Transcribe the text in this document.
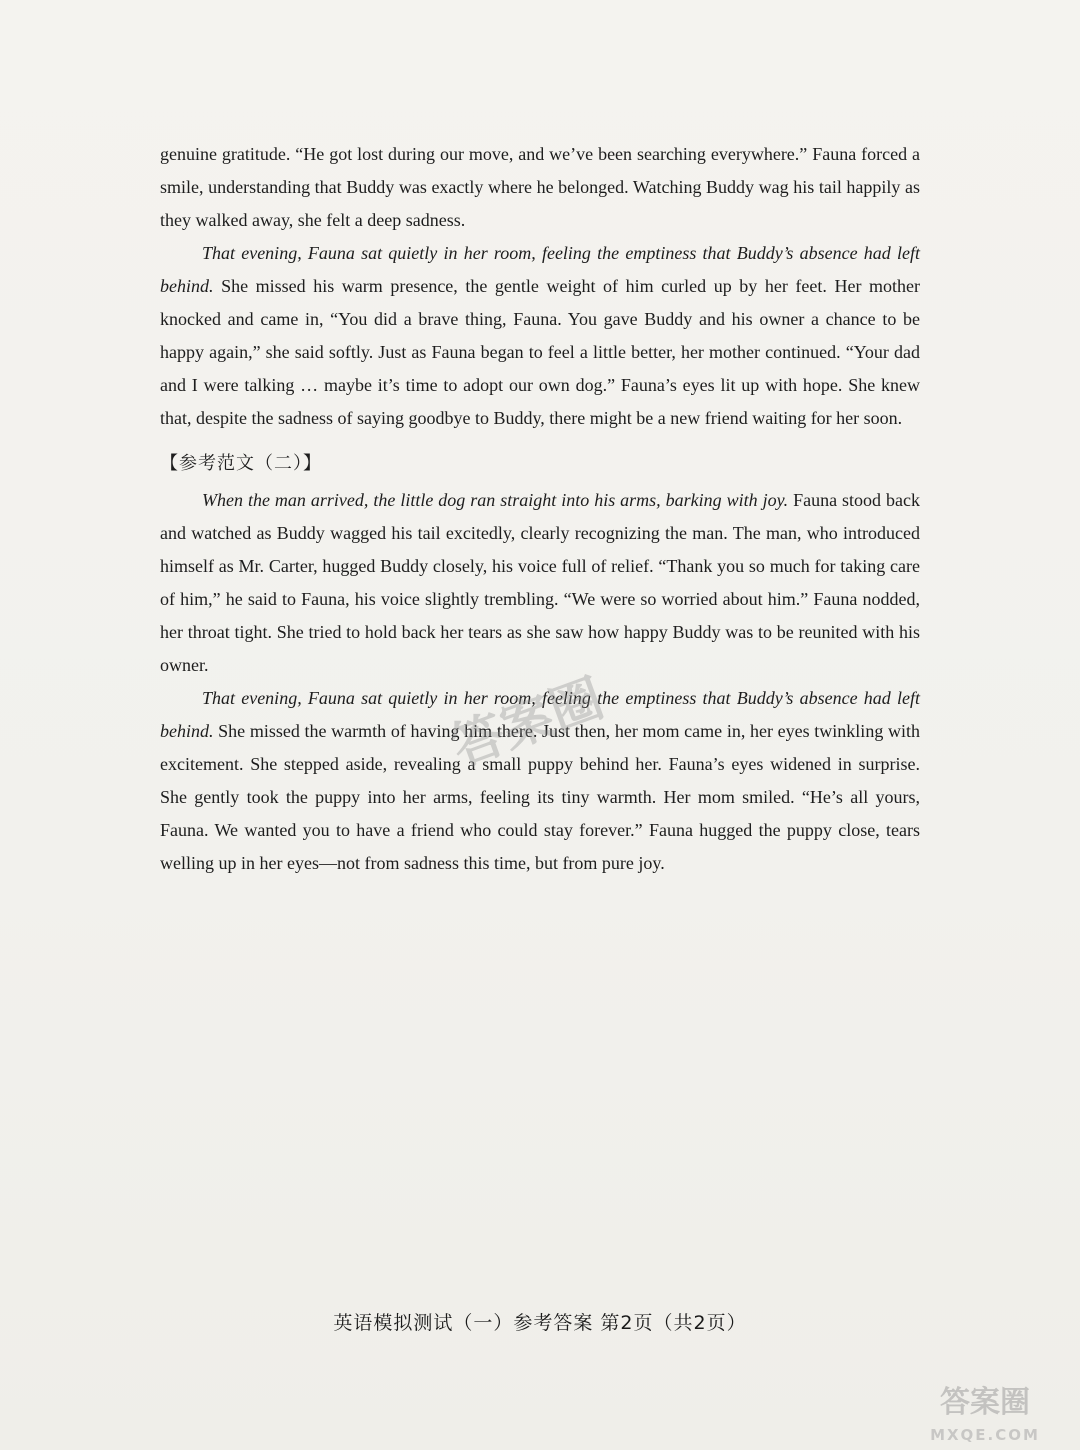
genuine gratitude. “He got lost during our move, and we’ve been searching everywhere.” Fauna forced a smile, understanding that Buddy was exactly where he belonged. Watching Buddy wag his tail happily as they walked away, she felt a deep sadness.

That evening, Fauna sat quietly in her room, feeling the emptiness that Buddy’s absence had left behind. She missed his warm presence, the gentle weight of him curled up by her feet. Her mother knocked and came in, “You did a brave thing, Fauna. You gave Buddy and his owner a chance to be happy again,” she said softly. Just as Fauna began to feel a little better, her mother continued. “Your dad and I were talking … maybe it’s time to adopt our own dog.” Fauna’s eyes lit up with hope. She knew that, despite the sadness of saying goodbye to Buddy, there might be a new friend waiting for her soon.

【参考范文（二）】

When the man arrived, the little dog ran straight into his arms, barking with joy. Fauna stood back and watched as Buddy wagged his tail excitedly, clearly recognizing the man. The man, who introduced himself as Mr. Carter, hugged Buddy closely, his voice full of relief. “Thank you so much for taking care of him,” he said to Fauna, his voice slightly trembling. “We were so worried about him.” Fauna nodded, her throat tight. She tried to hold back her tears as she saw how happy Buddy was to be reunited with his owner.

That evening, Fauna sat quietly in her room, feeling the emptiness that Buddy’s absence had left behind. She missed the warmth of having him there. Just then, her mom came in, her eyes twinkling with excitement. She stepped aside, revealing a small puppy behind her. Fauna’s eyes widened in surprise. She gently took the puppy into her arms, feeling its tiny warmth. Her mom smiled. “He’s all yours, Fauna. We wanted you to have a friend who could stay forever.” Fauna hugged the puppy close, tears welling up in her eyes—not from sadness this time, but from pure joy.

答案圈
英语模拟测试（一）参考答案 第2页（共2页）
答案圈
MXQE.COM
